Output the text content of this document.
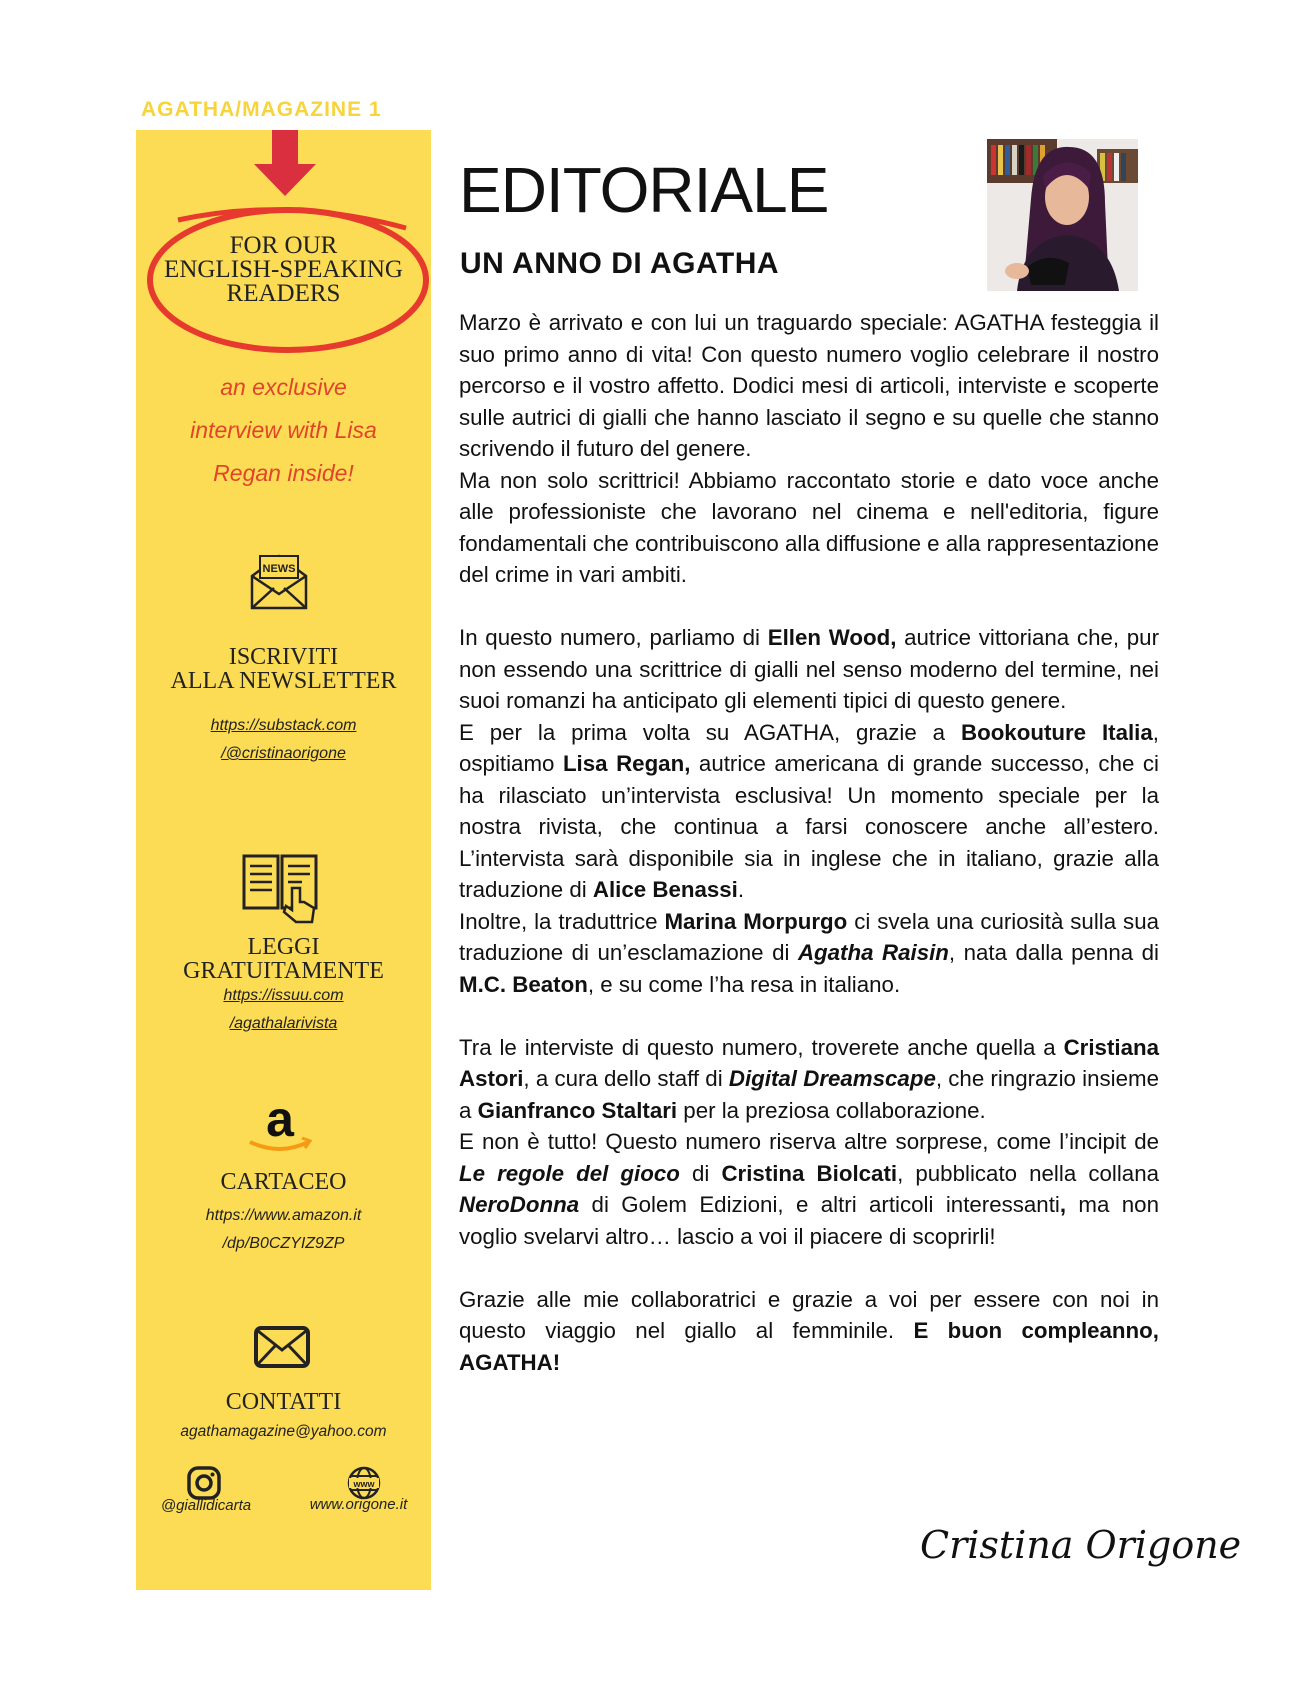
AGATHA/MAGAZINE 1
FOR OUR
ENGLISH-SPEAKING
READERS
an exclusive
interview with Lisa
Regan inside!
NEWS
ISCRIVITI
ALLA NEWSLETTER
https://substack.com
/@cristinaorigone
LEGGI
GRATUITAMENTE
https://issuu.com
/agathalarivista
a
CARTACEO
https://www.amazon.it
/dp/B0CZYIZ9ZP
CONTATTI
agathamagazine@yahoo.com
@giallidicarta
www
www.origone.it
EDITORIALE
UN ANNO DI AGATHA

Marzo è arrivato e con lui un traguardo speciale: AGATHA festeggia il suo primo anno di vita! Con questo numero voglio celebrare il nostro percorso e il vostro affetto. Dodici mesi di articoli, interviste e scoperte sulle autrici di gialli che hanno lasciato il segno e su quelle che stanno scrivendo il futuro del genere.

Ma non solo scrittrici! Abbiamo raccontato storie e dato voce anche alle professioniste che lavorano nel cinema e nell'editoria, figure fondamentali che contribuiscono alla diffusione e alla rappresentazione del crime in vari ambiti.

In questo numero, parliamo di Ellen Wood, autrice vittoriana che, pur non essendo una scrittrice di gialli nel senso moderno del termine, nei suoi romanzi ha anticipato gli elementi tipici di questo genere.

E per la prima volta su AGATHA, grazie a Bookouture Italia, ospitiamo Lisa Regan, autrice americana di grande successo, che ci ha rilasciato un’intervista esclusiva! Un momento speciale per la nostra rivista, che continua a farsi conoscere anche all’estero. L’intervista sarà disponibile sia in inglese che in italiano, grazie alla traduzione di Alice Benassi.

Inoltre, la traduttrice Marina Morpurgo ci svela una curiosità sulla sua traduzione di un’esclamazione di Agatha Raisin, nata dalla penna di M.C. Beaton, e su come l’ha resa in italiano.

Tra le interviste di questo numero, troverete anche quella a Cristiana Astori, a cura dello staff di Digital Dreamscape, che ringrazio insieme a Gianfranco Staltari per la preziosa collaborazione.

E non è tutto! Questo numero riserva altre sorprese, come l’incipit de Le regole del gioco di Cristina Biolcati, pubblicato nella collana NeroDonna di Golem Edizioni, e altri articoli interessanti, ma non voglio svelarvi altro… lascio a voi il piacere di scoprirli!

Grazie alle mie collaboratrici e grazie a voi per essere con noi in questo viaggio nel giallo al femminile. E buon compleanno, AGATHA!

Cristina Origone
